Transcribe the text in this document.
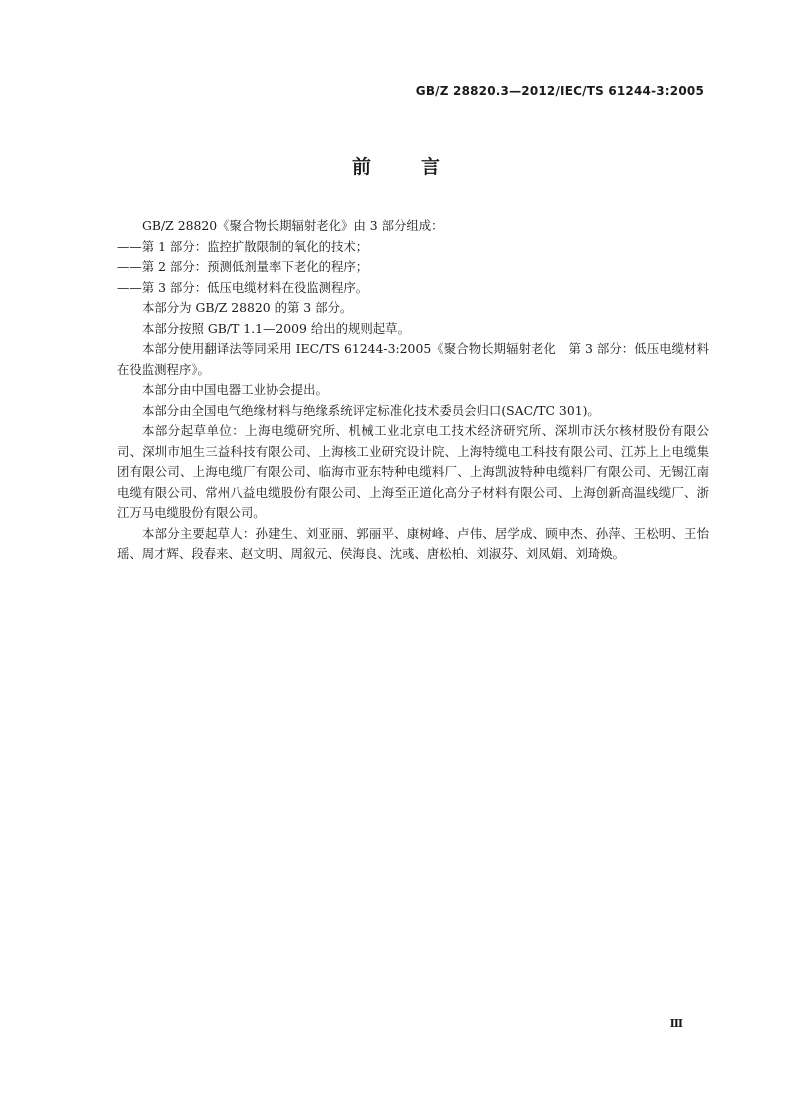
GB/Z 28820.3—2012/IEC/TS 61244-3:2005
前言

GB/Z 28820《聚合物长期辐射老化》由 3 部分组成：

——第 1 部分：监控扩散限制的氧化的技术；

——第 2 部分：预测低剂量率下老化的程序；

——第 3 部分：低压电缆材料在役监测程序。

本部分为 GB/Z 28820 的第 3 部分。

本部分按照 GB/T 1.1—2009 给出的规则起草。

本部分使用翻译法等同采用 IEC/TS 61244-3:2005《聚合物长期辐射老化　第 3 部分：低压电缆材料在役监测程序》。

本部分由中国电器工业协会提出。

本部分由全国电气绝缘材料与绝缘系统评定标准化技术委员会归口(SAC/TC 301)。

本部分起草单位：上海电缆研究所、机械工业北京电工技术经济研究所、深圳市沃尔核材股份有限公司、深圳市旭生三益科技有限公司、上海核工业研究设计院、上海特缆电工科技有限公司、江苏上上电缆集团有限公司、上海电缆厂有限公司、临海市亚东特种电缆料厂、上海凯波特种电缆料厂有限公司、无锡江南电缆有限公司、常州八益电缆股份有限公司、上海至正道化高分子材料有限公司、上海创新高温线缆厂、浙江万马电缆股份有限公司。

本部分主要起草人：孙建生、刘亚丽、郭丽平、康树峰、卢伟、居学成、顾申杰、孙萍、王松明、王怡瑶、周才辉、段春来、赵文明、周叙元、侯海良、沈彧、唐松柏、刘淑芬、刘凤娟、刘琦焕。

Ⅲ
